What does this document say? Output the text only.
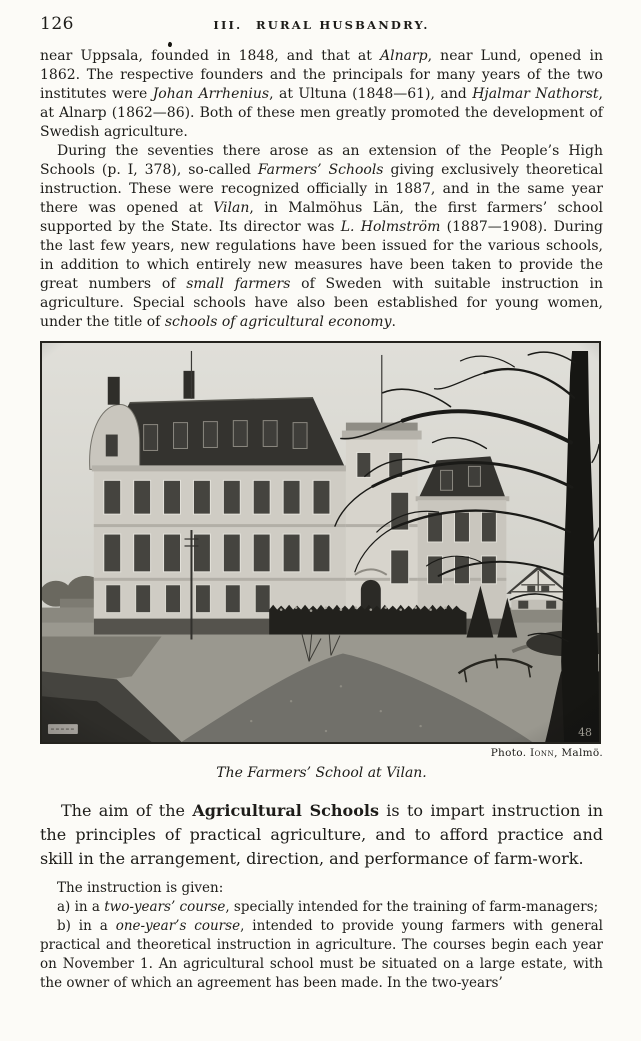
126	III. RURAL HUSBANDRY.

near Uppsala, founded in 1848, and that at Alnarp, near Lund, opened in 1862. The respective founders and the principals for many years of the two institutes were Johan Arrhenius, at Ultuna (1848—61), and Hjalmar Nathorst, at Alnarp (1862—86). Both of these men greatly promoted the development of Swedish agriculture.

During the seventies there arose as an extension of the People’s High Schools (p. I, 378), so-called Farmers’ Schools giving exclusively theoretical instruction. These were recognized officially in 1887, and in the same year there was opened at Vilan, in Malmöhus Län, the first farmers’ school supported by the State. Its director was L. Holmström (1887—1908). During the last few years, new regulations have been issued for the various schools, in addition to which entirely new measures have been taken to provide the great numbers of small farmers of Sweden with suitable instruction in agriculture. Special schools have also been established for young women, under the title of schools of agricultural economy.

Photo. Ionn, Malmö.
The Farmers’ School at Vilan.

The aim of the Agricultural Schools is to impart instruction in the principles of practical agriculture, and to afford practice and skill in the arrangement, direction, and performance of farm-work.

The instruction is given:

a) in a two-years’ course, specially intended for the training of farm-managers;

b) in a one-year’s course, intended to provide young farmers with general practical and theoretical instruction in agriculture. The courses begin each year on November 1. An agricultural school must be situated on a large estate, with the owner of which an agreement has been made. In the two-years’
